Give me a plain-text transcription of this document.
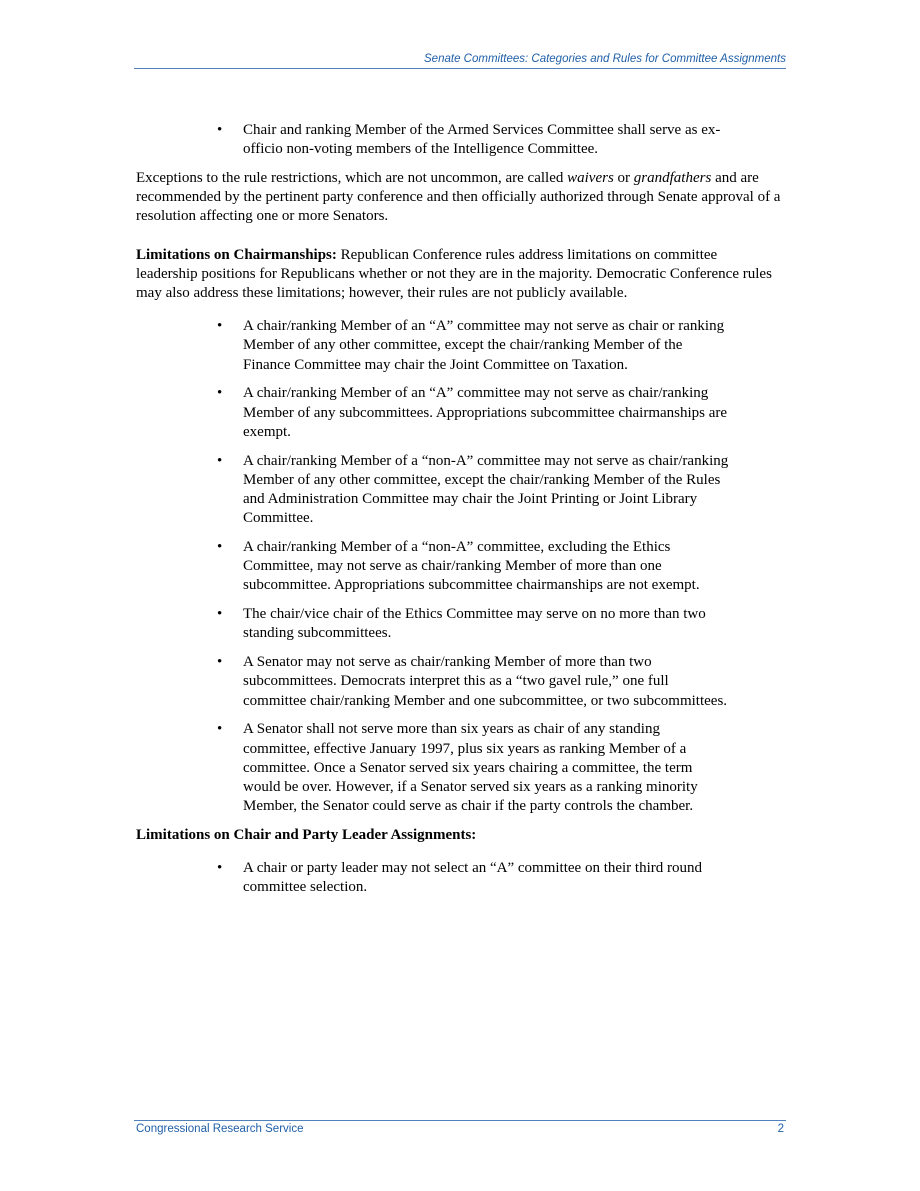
Senate Committees: Categories and Rules for Committee Assignments
• Chair and ranking Member of the Armed Services Committee shall serve as ex-officio non-voting members of the Intelligence Committee.

Exceptions to the rule restrictions, which are not uncommon, are called waivers or grandfathers and are recommended by the pertinent party conference and then officially authorized through Senate approval of a resolution affecting one or more Senators.

Limitations on Chairmanships: Republican Conference rules address limitations on committee leadership positions for Republicans whether or not they are in the majority. Democratic Conference rules may also address these limitations; however, their rules are not publicly available.

• A chair/ranking Member of an “A” committee may not serve as chair or ranking Member of any other committee, except the chair/ranking Member of the Finance Committee may chair the Joint Committee on Taxation.
• A chair/ranking Member of an “A” committee may not serve as chair/ranking Member of any subcommittees. Appropriations subcommittee chairmanships are exempt.
• A chair/ranking Member of a “non-A” committee may not serve as chair/ranking Member of any other committee, except the chair/ranking Member of the Rules and Administration Committee may chair the Joint Printing or Joint Library Committee.
• A chair/ranking Member of a “non-A” committee, excluding the Ethics Committee, may not serve as chair/ranking Member of more than one subcommittee. Appropriations subcommittee chairmanships are not exempt.
• The chair/vice chair of the Ethics Committee may serve on no more than two standing subcommittees.
• A Senator may not serve as chair/ranking Member of more than two subcommittees. Democrats interpret this as a “two gavel rule,” one full committee chair/ranking Member and one subcommittee, or two subcommittees.
• A Senator shall not serve more than six years as chair of any standing committee, effective January 1997, plus six years as ranking Member of a committee. Once a Senator served six years chairing a committee, the term would be over. However, if a Senator served six years as a ranking minority Member, the Senator could serve as chair if the party controls the chamber.

Limitations on Chair and Party Leader Assignments:

• A chair or party leader may not select an “A” committee on their third round committee selection.
Congressional Research Service	2
